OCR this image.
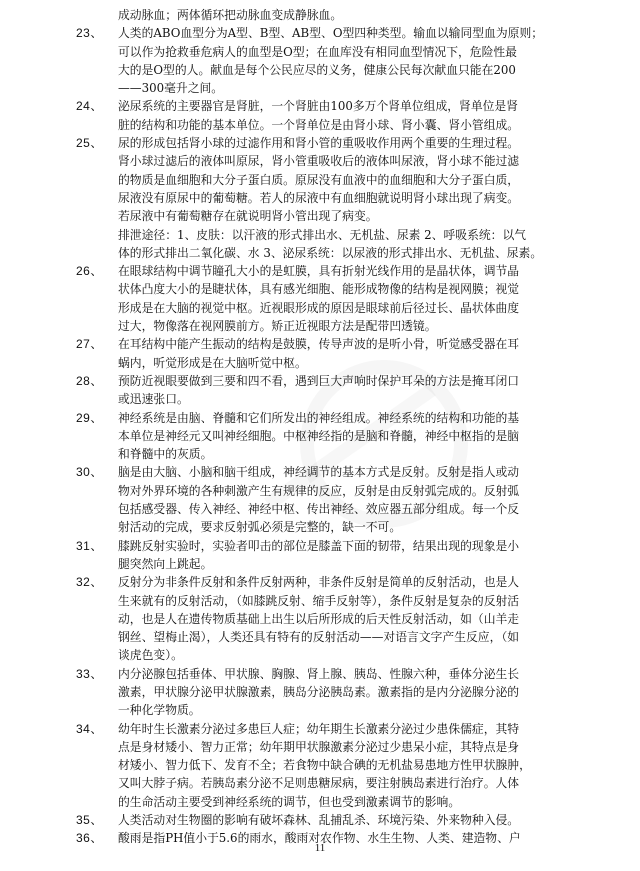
成动脉血；两体循环把动脉血变成静脉血。
23、 人类的ABO血型分为A型、B型、AB型、O型四种类型。输血以输同型血为原则；
可以作为抢救垂危病人的血型是O型；在血库没有相同血型情况下，危险性最
大的是O型的人。献血是每个公民应尽的义务，健康公民每次献血只能在200
——300毫升之间。
24、 泌尿系统的主要器官是肾脏，一个肾脏由100多万个肾单位组成，肾单位是肾
脏的结构和功能的基本单位。一个肾单位是由肾小球、肾小囊、肾小管组成。
25、 尿的形成包括肾小球的过滤作用和肾小管的重吸收作用两个重要的生理过程。
肾小球过滤后的液体叫原尿，肾小管重吸收后的液体叫尿液，肾小球不能过滤
的物质是血细胞和大分子蛋白质。原尿没有血液中的血细胞和大分子蛋白质，
尿液没有原尿中的葡萄糖。若人的尿液中有血细胞就说明肾小球出现了病变。
若尿液中有葡萄糖存在就说明肾小管出现了病变。
排泄途径：1、皮肤：以汗液的形式排出水、无机盐、尿素 2、呼吸系统：以气
体的形式排出二氧化碳、水 3、泌尿系统：以尿液的形式排出水、无机盐、尿素。
26、 在眼球结构中调节瞳孔大小的是虹膜，具有折射光线作用的是晶状体，调节晶
状体凸度大小的是睫状体，具有感光细胞、能形成物像的结构是视网膜；视觉
形成是在大脑的视觉中枢。近视眼形成的原因是眼球前后径过长、晶状体曲度
过大，物像落在视网膜前方。矫正近视眼方法是配带凹透镜。
27、 在耳结构中能产生振动的结构是鼓膜，传导声波的是听小骨，听觉感受器在耳
蜗内，听觉形成是在大脑听觉中枢。
28、 预防近视眼要做到三要和四不看，遇到巨大声响时保护耳朵的方法是掩耳闭口
或迅速张口。
29、 神经系统是由脑、脊髓和它们所发出的神经组成。神经系统的结构和功能的基
本单位是神经元又叫神经细胞。中枢神经指的是脑和脊髓，神经中枢指的是脑
和脊髓中的灰质。
30、 脑是由大脑、小脑和脑干组成，神经调节的基本方式是反射。反射是指人或动
物对外界环境的各种刺激产生有规律的反应，反射是由反射弧完成的。反射弧
包括感受器、传入神经、神经中枢、传出神经、效应器五部分组成。每一个反
射活动的完成，要求反射弧必须是完整的，缺一不可。
31、 膝跳反射实验时，实验者叩击的部位是膝盖下面的韧带，结果出现的现象是小
腿突然向上跳起。
32、 反射分为非条件反射和条件反射两种，非条件反射是简单的反射活动，也是人
生来就有的反射活动，（如膝跳反射、缩手反射等），条件反射是复杂的反射活
动，也是人在遗传物质基础上出生以后所形成的后天性反射活动，如（山羊走
钢丝、望梅止渴），人类还具有特有的反射活动——对语言文字产生反应，（如
谈虎色变）。
33、 内分泌腺包括垂体、甲状腺、胸腺、肾上腺、胰岛、性腺六种，垂体分泌生长
激素，甲状腺分泌甲状腺激素，胰岛分泌胰岛素。激素指的是内分泌腺分泌的
一种化学物质。
34、 幼年时生长激素分泌过多患巨人症；幼年期生长激素分泌过少患侏儒症，其特
点是身材矮小、智力正常；幼年期甲状腺激素分泌过少患呆小症，其特点是身
材矮小、智力低下、发育不全；若食物中缺合碘的无机盐易患地方性甲状腺肿，
又叫大脖子病。若胰岛素分泌不足则患糖尿病，要注射胰岛素进行治疗。人体
的生命活动主要受到神经系统的调节，但也受到激素调节的影响。
35、 人类活动对生物圈的影响有破坏森林、乱捕乱杀、环境污染、外来物种入侵。
36、 酸雨是指PH值小于5.6的雨水，酸雨对农作物、水生生物、人类、建造物、户
11
